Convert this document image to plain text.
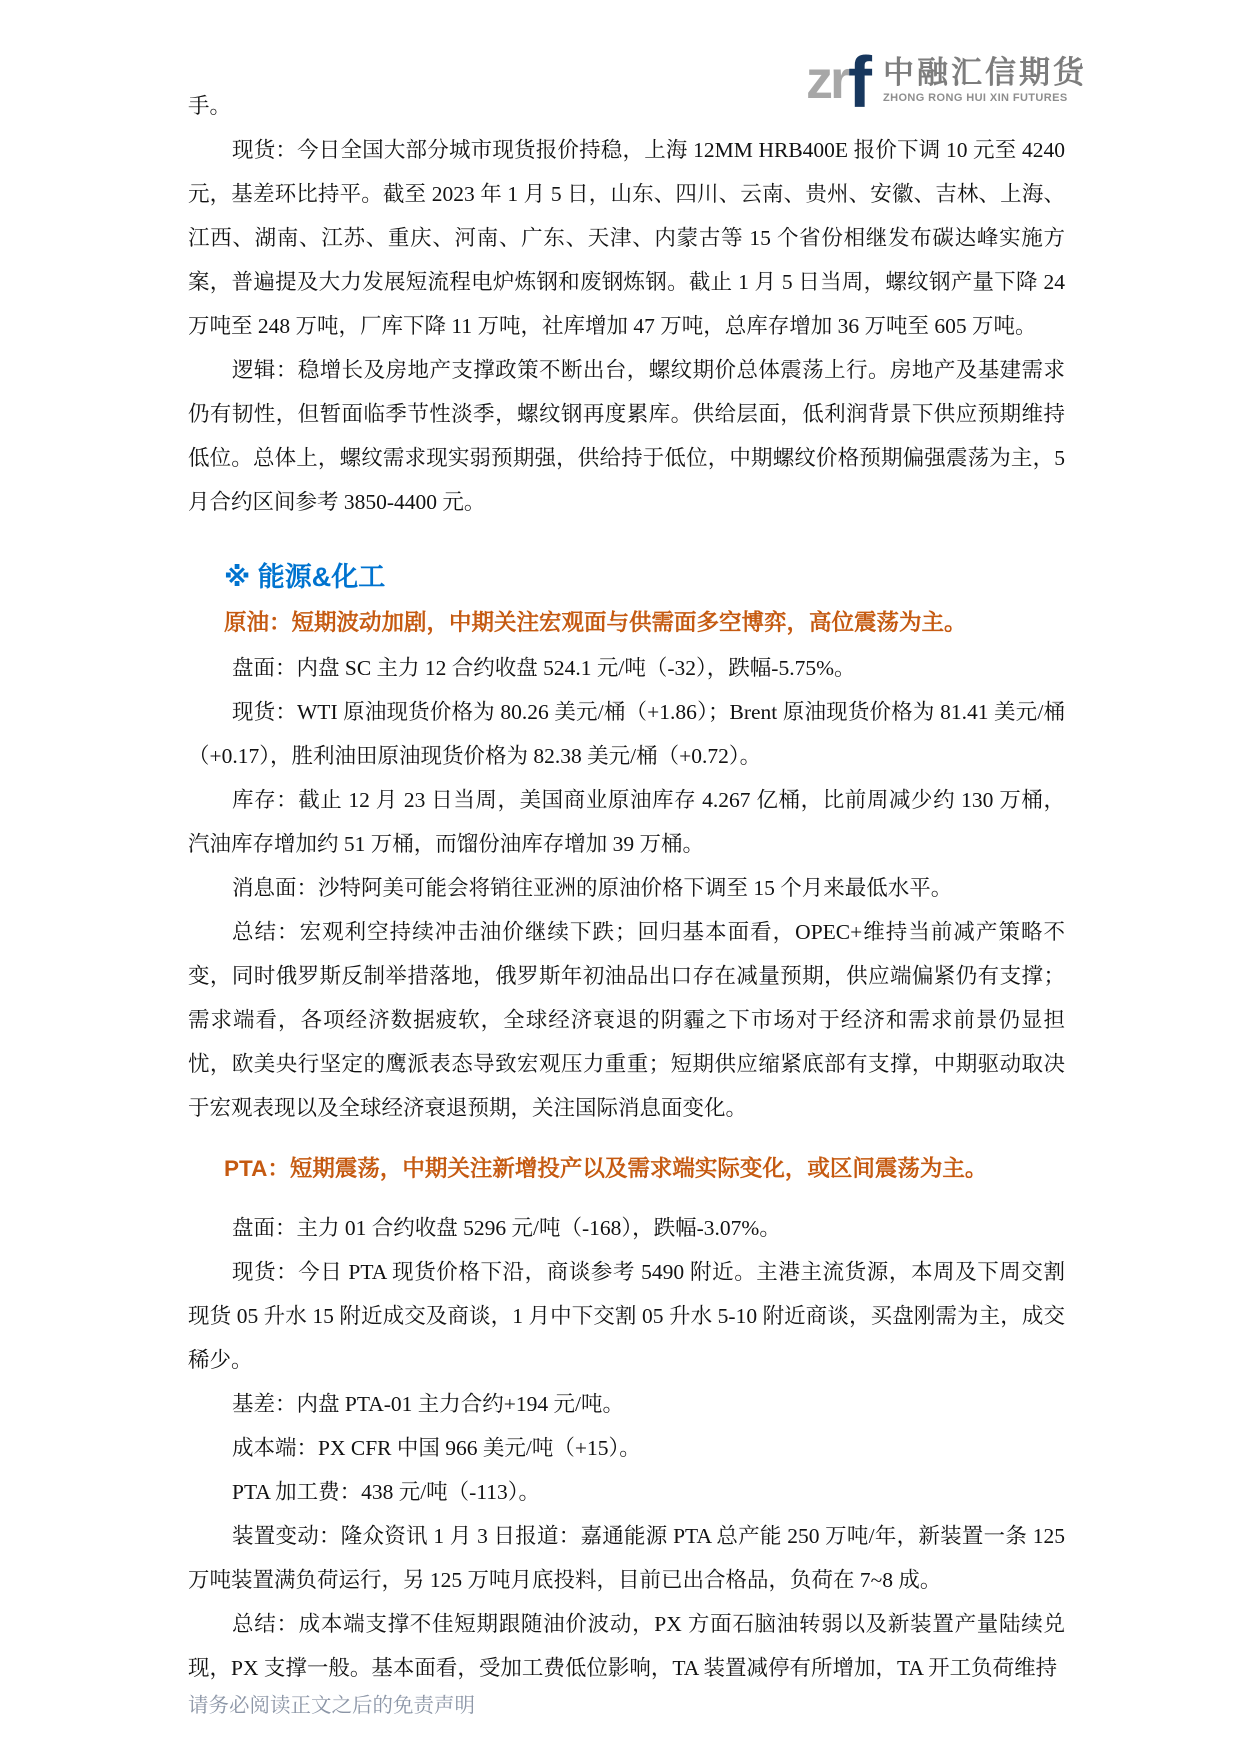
zrf 中融汇信期货
ZHONG RONG HUI XIN FUTURES

手。

现货：今日全国大部分城市现货报价持稳，上海 12MM HRB400E 报价下调 10 元至 4240 元，基差环比持平。截至 2023 年 1 月 5 日，山东、四川、云南、贵州、安徽、吉林、上海、江西、湖南、江苏、重庆、河南、广东、天津、内蒙古等 15 个省份相继发布碳达峰实施方案，普遍提及大力发展短流程电炉炼钢和废钢炼钢。截止 1 月 5 日当周，螺纹钢产量下降 24 万吨至 248 万吨，厂库下降 11 万吨，社库增加 47 万吨，总库存增加 36 万吨至 605 万吨。

逻辑：稳增长及房地产支撑政策不断出台，螺纹期价总体震荡上行。房地产及基建需求仍有韧性，但暂面临季节性淡季，螺纹钢再度累库。供给层面，低利润背景下供应预期维持低位。总体上，螺纹需求现实弱预期强，供给持于低位，中期螺纹价格预期偏强震荡为主，5 月合约区间参考 3850-4400 元。

※ 能源&化工
原油：短期波动加剧，中期关注宏观面与供需面多空博弈，高位震荡为主。

盘面：内盘 SC 主力 12 合约收盘 524.1 元/吨（-32），跌幅-5.75%。

现货：WTI 原油现货价格为 80.26 美元/桶（+1.86）；Brent 原油现货价格为 81.41 美元/桶（+0.17），胜利油田原油现货价格为 82.38 美元/桶（+0.72）。

库存：截止 12 月 23 日当周，美国商业原油库存 4.267 亿桶，比前周减少约 130 万桶，汽油库存增加约 51 万桶，而馏份油库存增加 39 万桶。

消息面：沙特阿美可能会将销往亚洲的原油价格下调至 15 个月来最低水平。

总结：宏观利空持续冲击油价继续下跌；回归基本面看，OPEC+维持当前减产策略不变，同时俄罗斯反制举措落地，俄罗斯年初油品出口存在减量预期，供应端偏紧仍有支撑；需求端看，各项经济数据疲软，全球经济衰退的阴霾之下市场对于经济和需求前景仍显担忧，欧美央行坚定的鹰派表态导致宏观压力重重；短期供应缩紧底部有支撑，中期驱动取决于宏观表现以及全球经济衰退预期，关注国际消息面变化。

PTA：短期震荡，中期关注新增投产以及需求端实际变化，或区间震荡为主。

盘面：主力 01 合约收盘 5296 元/吨（-168），跌幅-3.07%。

现货：今日 PTA 现货价格下沿，商谈参考 5490 附近。主港主流货源，本周及下周交割现货 05 升水 15 附近成交及商谈，1 月中下交割 05 升水 5-10 附近商谈，买盘刚需为主，成交稀少。

基差：内盘 PTA-01 主力合约+194 元/吨。

成本端：PX CFR 中国 966 美元/吨（+15）。

PTA 加工费：438 元/吨（-113）。

装置变动：隆众资讯 1 月 3 日报道：嘉通能源 PTA 总产能 250 万吨/年，新装置一条 125 万吨装置满负荷运行，另 125 万吨月底投料，目前已出合格品，负荷在 7~8 成。

总结：成本端支撑不佳短期跟随油价波动，PX 方面石脑油转弱以及新装置产量陆续兑现，PX 支撑一般。基本面看，受加工费低位影响，TA 装置减停有所增加，TA 开工负荷维持

请务必阅读正文之后的免责声明
